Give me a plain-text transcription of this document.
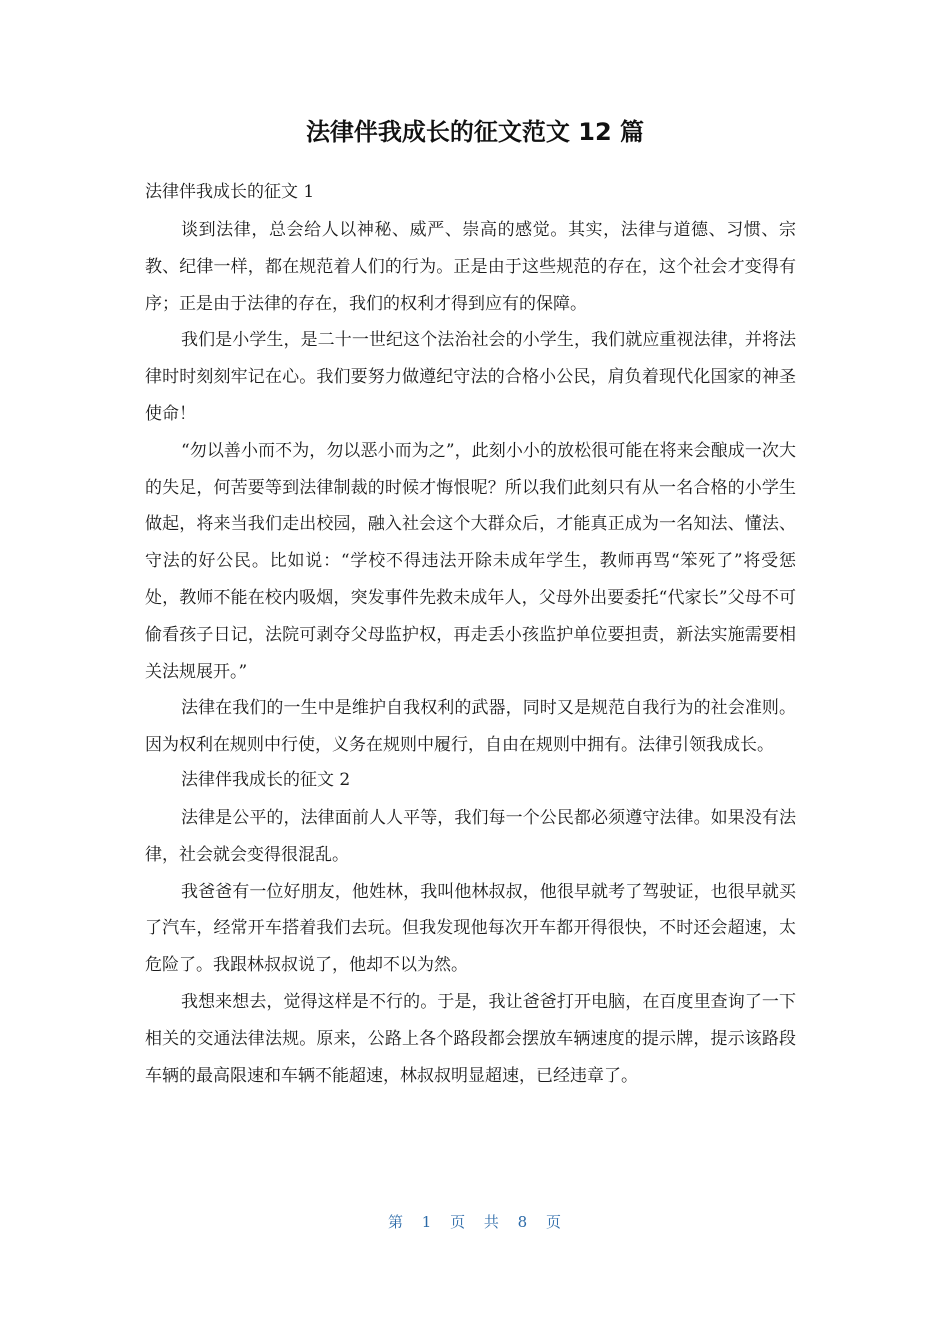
法律伴我成长的征文范文 12 篇

法律伴我成长的征文 1

谈到法律，总会给人以神秘、威严、崇高的感觉。其实，法律与道德、习惯、宗教、纪律一样，都在规范着人们的行为。正是由于这些规范的存在，这个社会才变得有序；正是由于法律的存在，我们的权利才得到应有的保障。

我们是小学生，是二十一世纪这个法治社会的小学生，我们就应重视法律，并将法律时时刻刻牢记在心。我们要努力做遵纪守法的合格小公民，肩负着现代化国家的神圣使命！

“勿以善小而不为，勿以恶小而为之”，此刻小小的放松很可能在将来会酿成一次大的失足，何苦要等到法律制裁的时候才悔恨呢？所以我们此刻只有从一名合格的小学生做起，将来当我们走出校园，融入社会这个大群众后，才能真正成为一名知法、懂法、守法的好公民。比如说：“学校不得违法开除未成年学生，教师再骂“笨死了”将受惩处，教师不能在校内吸烟，突发事件先救未成年人，父母外出要委托“代家长”父母不可偷看孩子日记，法院可剥夺父母监护权，再走丢小孩监护单位要担责，新法实施需要相关法规展开。”

法律在我们的一生中是维护自我权利的武器，同时又是规范自我行为的社会准则。因为权利在规则中行使，义务在规则中履行，自由在规则中拥有。法律引领我成长。

法律伴我成长的征文 2

法律是公平的，法律面前人人平等，我们每一个公民都必须遵守法律。如果没有法律，社会就会变得很混乱。

我爸爸有一位好朋友，他姓林，我叫他林叔叔，他很早就考了驾驶证，也很早就买了汽车，经常开车搭着我们去玩。但我发现他每次开车都开得很快，不时还会超速，太危险了。我跟林叔叔说了，他却不以为然。

我想来想去，觉得这样是不行的。于是，我让爸爸打开电脑，在百度里查询了一下相关的交通法律法规。原来，公路上各个路段都会摆放车辆速度的提示牌，提示该路段车辆的最高限速和车辆不能超速，林叔叔明显超速，已经违章了。

第 1 页 共 8 页
